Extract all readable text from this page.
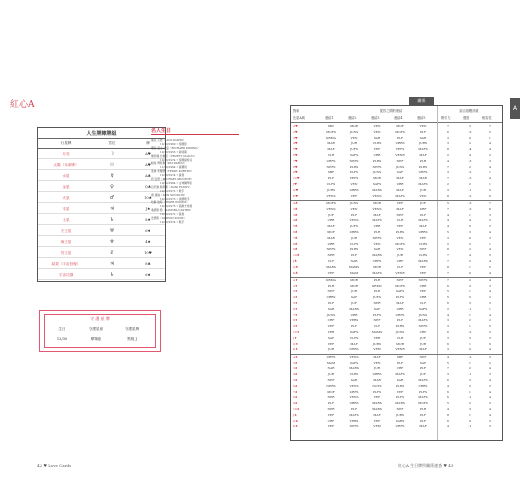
紅心A
人生牌陣牌組
行星牌	宮位	牌
月亮	☽	A♥
太陽（本命牌）	☉	A♥
水星	☿	A♣
金星	♀	Q♣
火星	♂	10♠
木星	♃	J♠
土星	♄	8♦
天王星	♅	6♦
海王星	♆	4♠
冥王星	♇	10♥
結果（宇宙回報）	♃	8♣
宇宙功課	♄	6♠
守 護 星 牌
生日	守護星座	守護星牌
12/30	摩羯座	黑桃 J
名人生日
傑克·艾德（JACK IDAHO）
12/30/1960 • 泰國影
理查·曼士·比曼（RICHARD KIMING）
12/30/1955 • 新時期
聖約翰·比爾克（TRUETT GUACO）
12/30/1974 • 泰國模特兒
帕特·博特斯（PAT PARCO）
11/30/1964 • 演藝員
泰迪·布蘭德（TEDDY KORTEN）
12/30/1974 • 演員
莉·安德（MICHAEL MUNNTE）
10/30/1964 • 古典鋼琴家
丹尼爾·斯坦斯（DANI FANNY）
12/30/1972 • 歌手
唐·達倫（DON SUNDLIN）
12/30/1973 • 美國歌手
哈爾·彼特（TIGER WOODS）
12/30/1975 • 高爾夫球員
桑德斯·斯（SANDRA CASTRO）
12/30/1972 • 演員
安德斯（GIDEON SNOW）
12/30/1974 • 歌手
42 ♥ Love Cards
A
關係
對象	從你之間的連結	綜合指數評級
比星A與	連結1	連結2	連結3	連結4	連結5	吸引力	強度	相容性
A♥	SBC	MOR	VEN	MOF	VEN	7	3	7
2♥	MOFS	JUNS	VEN	MOFS	PLF	6	-3	5
3♥	KRMA	VEN	SAR	PLF	SAR	3	0	1
4♥	MAR	JUR	CLRS	URRS	JURS	3	2	4
5♥	MAF	JUFS	VEF	VEFS	MAFS	8	-4	4
6♥	CLR	SAFS	CRR	VENR	MAF	2	4	2
7♥	URFS	NEFS	PLRS	NEF	PLR	4	-3	3
8♥	NEFS	PLRS	NEFS	JUNS	PLRS	7	2	4
9♥	SBF	PLFS	JUNS	SAF	URFS	3	-2	1
10♥	PLF	VEFS	MOR	MAF	MAR	7	-3	4
J♥	CLFS	VEN	SAFS	URR	MAFS	2	2	1
Q♥	JURS	URRS	MARS	MAF	JUR	3	-1	5
K♥	VENS	VEF	VENS	MAFS	VEN	8	-2	6
A♣	MOFS	JUNS	MOR	VEF	JUF	5	-3	7
2♣	VENS	VEN	VENS	MAF	URF	7	-3	6
3♣	JUF	PLF	MAF	NEF	PLF	4	1	3
4♣	CRR	VENS	MAFS	CLR	MAFS	4	4	3
5♣	MAF	JUFS	CRR	VEF	MAF	4	0	2
6♣	MOF	URRS	PLR	PLRS	URRS	5	3	4
7♣	MAR	JUR	NEFS	VEN	VEF	3	0	3
8♣	URR	CLFS	VEN	MOFS	CLRS	2	2	1
9♣	NEFS	PLRS	SAR	VEN	NEF	8	2	4
10♣	NER	PLF	MARS	JUR	CLRS	7	4	5
J♣	CLF	NAR	CRFS	CRF	MARS	7	2	4
Q♣	MARS	MAMS	MOR	CLF	VEF	8	1	5
K♣	VEF	MAM	MAFS	VENR	VEF	7	0	4
A♦	KRMA	MOR	PLR	NEF	NEFS	7	2	4
2♦	PLR	MOR	KRMC	MOFS	CRR	6	3	3
3♦	NEF	JUR	PLR	SAFS	VEF	5	1	4
4♦	CRRS	SAF	JUFS	PLFS	CRR	5	5	2
5♦	PLF	JUF	NER	MAF	CLF	6	3	3
6♦	SAR	MARS	SAF	URR	SAFS	2	-1	1
7♦	JUNS	URR	PLFS	URFS	JUNS	4	1	4
8♦	CRF	VERS	NEF	PLF	MAFS	3	2	2
9♦	VEF	PLF	CLF	PLRS	NEFS	3	1	5
10♦	VER	SAFS	MAMS	JUNS	CRF	6	-2	3
J♦	SAF	CLFS	VER	CLR	JUF	3	3	3
Q♦	VEF	MAF	JURS	MOR	JUR	6	1	6
K♦	JUR	NERS	VEM	VENR	MAF	3	0	4
A♠	URFS	VENS	MAF	SBF	NEF	4	-2	3
2♠	MAM	SAFS	VEN	PLF	SAF	5	1	2
3♠	NAR	MARS	JUR	CRF	PLF	7	2	4
4♠	JUR	CLRS	URRS	MAFS	JUF	3	-1	3
5♠	NEF	SAR	MAR	SAR	MAFS	6	3	4
6♠	NERS	VENS	NOTS	PLRS	CRRS	4	2	2
7♠	MOF	URFS	PLFS	VEF	PLFS	6	1	4
8♠	NER	VENS	VEF	PLFS	MAFS	6	-1	4
9♠	PLF	URRS	MARS	MARS	MOFS	5	2	3
10♠	NER	PLF	MARS	NEF	PLR	4	3	4
J♠	VEF	MAFS	MAF	JURS	PLF	8	1	4
Q♠	CRF	VERS	VEF	SARS	PLF	6	0	3
K♠	VEF	NEFS	VEM	URFS	MAF	4	-1	3
紅心A 生日牌所關係速查 ♥ 43
